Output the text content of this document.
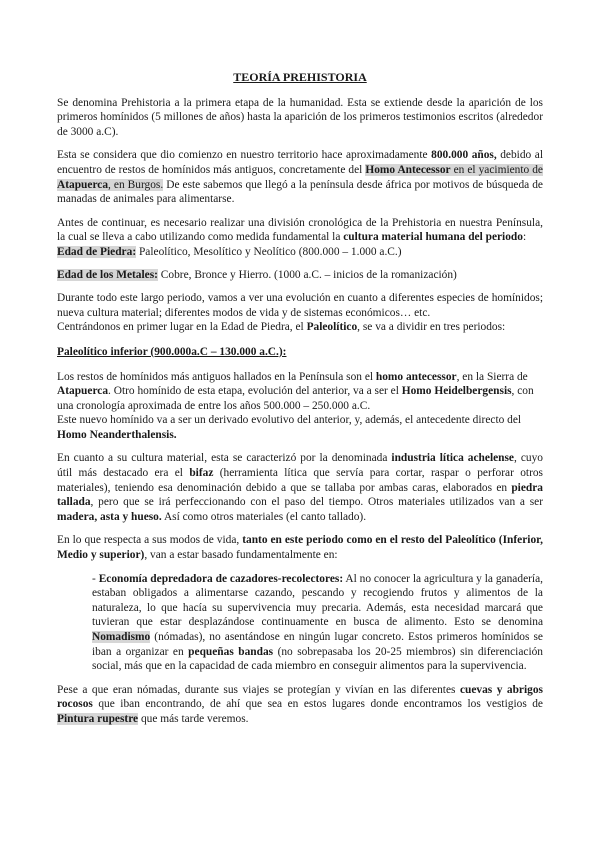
TEORÍA PREHISTORIA

Se denomina Prehistoria a la primera etapa de la humanidad. Esta se extiende desde la aparición de los primeros homínidos (5 millones de años) hasta la aparición de los primeros testimonios escritos (alrededor de 3000 a.C).

Esta se considera que dio comienzo en nuestro territorio hace aproximadamente 800.000 años, debido al encuentro de restos de homínidos más antiguos, concretamente del Homo Antecessor en el yacimiento de Atapuerca, en Burgos. De este sabemos que llegó a la península desde áfrica por motivos de búsqueda de manadas de animales para alimentarse.

Antes de continuar, es necesario realizar una división cronológica de la Prehistoria en nuestra Península, la cual se lleva a cabo utilizando como medida fundamental la cultura material humana del periodo:
Edad de Piedra: Paleolítico, Mesolítico y Neolítico (800.000 – 1.000 a.C.)

Edad de los Metales: Cobre, Bronce y Hierro. (1000 a.C. – inicios de la romanización)

Durante todo este largo periodo, vamos a ver una evolución en cuanto a diferentes especies de homínidos; nueva cultura material; diferentes modos de vida y de sistemas económicos… etc.
Centrándonos en primer lugar en la Edad de Piedra, el Paleolítico, se va a dividir en tres periodos:

Paleolítico inferior (900.000a.C – 130.000 a.C.):

Los restos de homínidos más antiguos hallados en la Península son el homo antecessor, en la Sierra de Atapuerca. Otro homínido de esta etapa, evolución del anterior, va a ser el Homo Heidelbergensis, con una cronología aproximada de entre los años 500.000 – 250.000 a.C.
Este nuevo homínido va a ser un derivado evolutivo del anterior, y, además, el antecedente directo del Homo Neanderthalensis.

En cuanto a su cultura material, esta se caracterizó por la denominada industria lítica achelense, cuyo útil más destacado era el bifaz (herramienta lítica que servía para cortar, raspar o perforar otros materiales), teniendo esa denominación debido a que se tallaba por ambas caras, elaborados en piedra tallada, pero que se irá perfeccionando con el paso del tiempo. Otros materiales utilizados van a ser madera, asta y hueso. Así como otros materiales (el canto tallado).

En lo que respecta a sus modos de vida, tanto en este periodo como en el resto del Paleolítico (Inferior, Medio y superior), van a estar basado fundamentalmente en:

- Economía depredadora de cazadores-recolectores: Al no conocer la agricultura y la ganadería, estaban obligados a alimentarse cazando, pescando y recogiendo frutos y alimentos de la naturaleza, lo que hacía su supervivencia muy precaria. Además, esta necesidad marcará que tuvieran que estar desplazándose continuamente en busca de alimento. Esto se denomina Nomadismo (nómadas), no asentándose en ningún lugar concreto. Estos primeros homínidos se iban a organizar en pequeñas bandas (no sobrepasaba los 20-25 miembros) sin diferenciación social, más que en la capacidad de cada miembro en conseguir alimentos para la supervivencia.

Pese a que eran nómadas, durante sus viajes se protegían y vivían en las diferentes cuevas y abrigos rocosos que iban encontrando, de ahí que sea en estos lugares donde encontramos los vestigios de Pintura rupestre que más tarde veremos.
